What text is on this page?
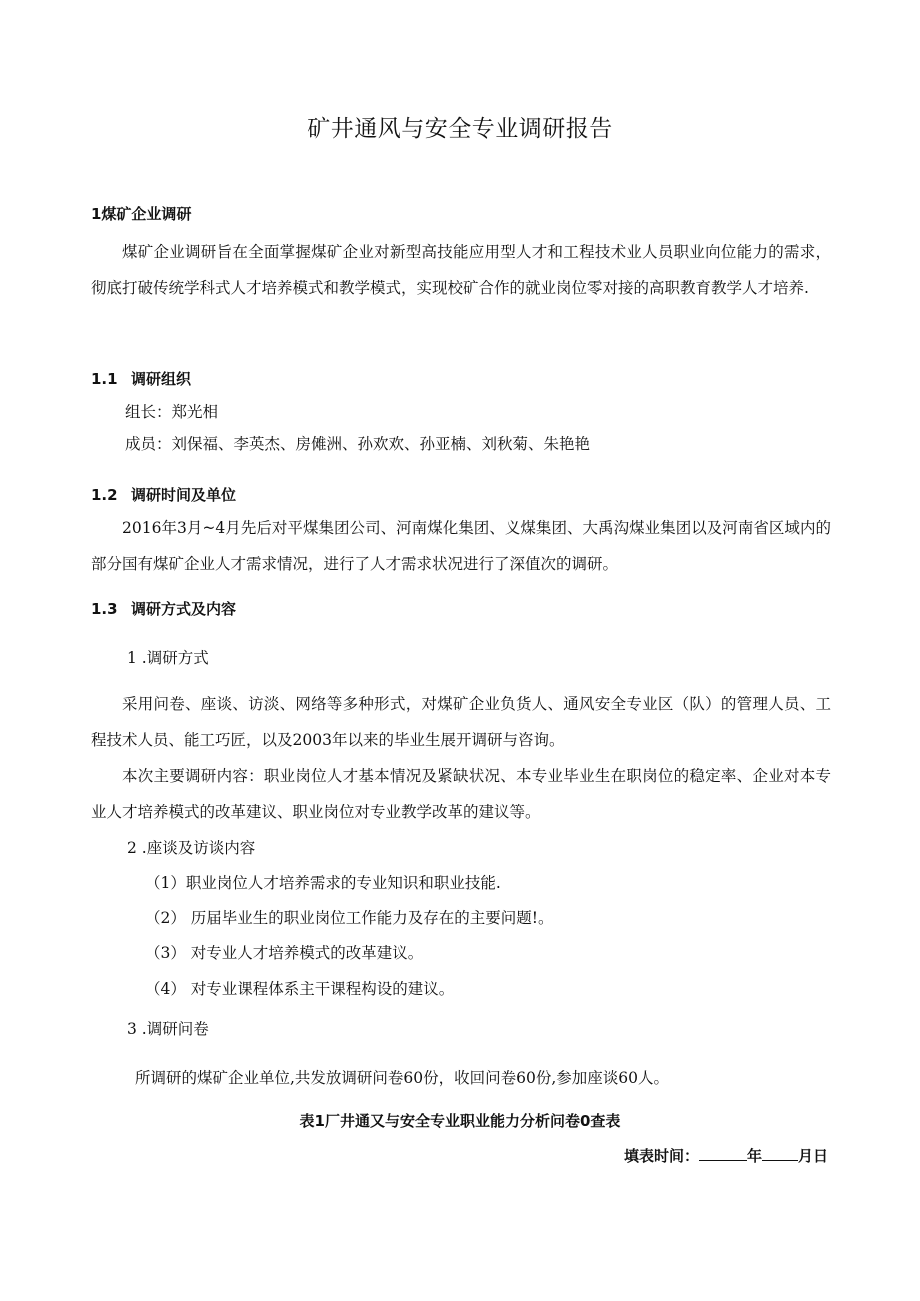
矿井通风与安全专业调研报告
1煤矿企业调研
煤矿企业调研旨在全面掌握煤矿企业对新型高技能应用型人才和工程技术业人员职业向位能力的需求，彻底打破传统学科式人才培养模式和教学模式，实现校矿合作的就业岗位零对接的高职教育教学人才培养.
1.1 调研组织
组长：郑光相
成员：刘保福、李英杰、房傩洲、孙欢欢、孙亚楠、刘秋菊、朱艳艳
1.2 调研时间及单位
2016年3月~4月先后对平煤集团公司、河南煤化集团、义煤集团、大禹沟煤业集团以及河南省区域内的部分国有煤矿企业人才需求情况，进行了人才需求状况进行了深值次的调研。
1.3 调研方式及内容
1 .调研方式
采用问卷、座谈、访淡、网络等多种形式，对煤矿企业负货人、通风安全专业区（队）的管理人员、工程技术人员、能工巧匠，以及2003年以来的毕业生展开调研与咨询。
本次主要调研内容：职业岗位人才基本情况及紧缺状况、本专业毕业生在职岗位的稳定率、企业对本专业人才培养模式的改革建议、职业岗位对专业教学改革的建议等。
2 .座谈及访谈内容
（1）职业岗位人才培养需求的专业知识和职业技能.
（2） 历届毕业生的职业岗位工作能力及存在的主要问题!。
（3） 对专业人才培养模式的改革建议。
（4） 对专业课程体系主干课程构设的建议。
3 .调研问卷
所调研的煤矿企业单位,共发放调研问卷60份，收回问卷60份,参加座谈60人。
表1厂井通又与安全专业职业能力分析问卷0查表
填表时间：	年 月日
